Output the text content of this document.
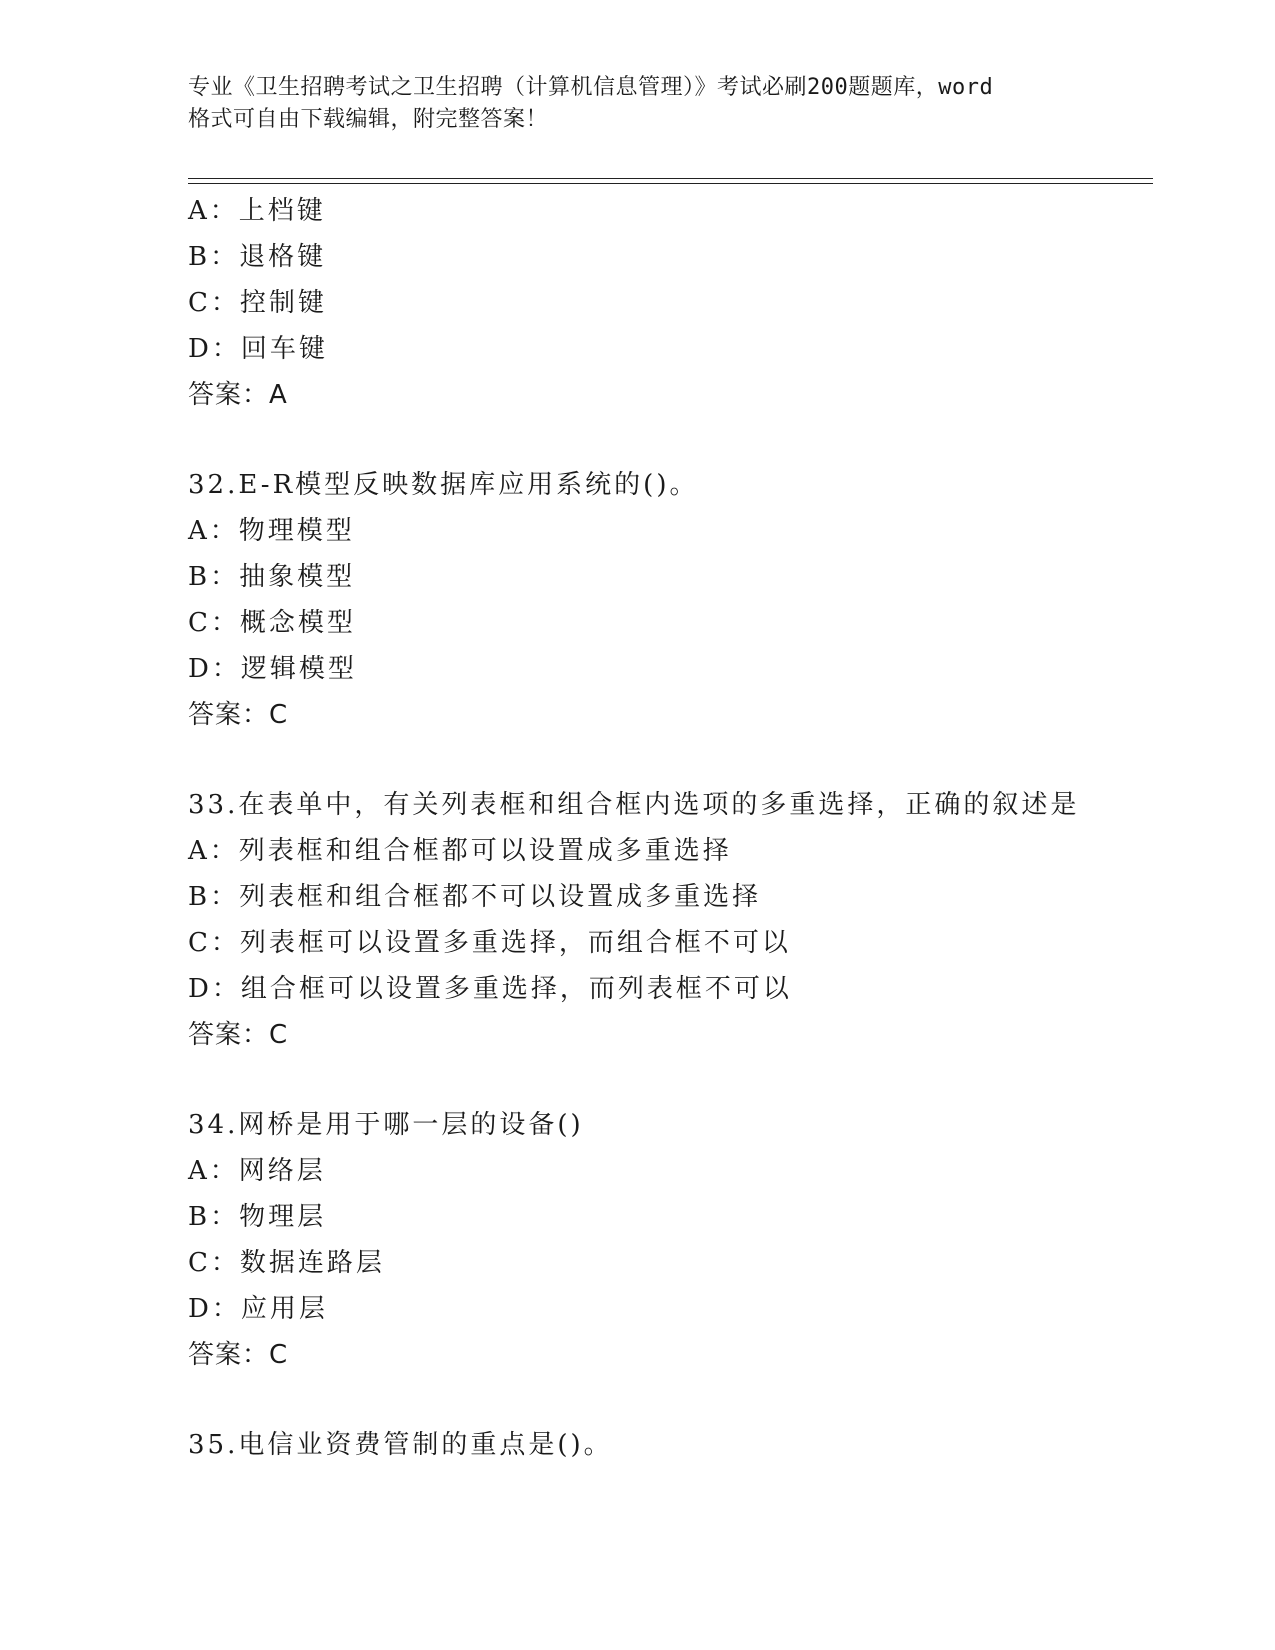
专业《卫生招聘考试之卫生招聘（计算机信息管理）》考试必刷200题题库，word
格式可自由下载编辑，附完整答案！
A：上档键
B：退格键
C：控制键
D：回车键
答案：A
32.E-R模型反映数据库应用系统的()。
A：物理模型
B：抽象模型
C：概念模型
D：逻辑模型
答案：C
33.在表单中，有关列表框和组合框内选项的多重选择，正确的叙述是
A：列表框和组合框都可以设置成多重选择
B：列表框和组合框都不可以设置成多重选择
C：列表框可以设置多重选择，而组合框不可以
D：组合框可以设置多重选择，而列表框不可以
答案：C
34.网桥是用于哪一层的设备()
A：网络层
B：物理层
C：数据连路层
D：应用层
答案：C
35.电信业资费管制的重点是()。
